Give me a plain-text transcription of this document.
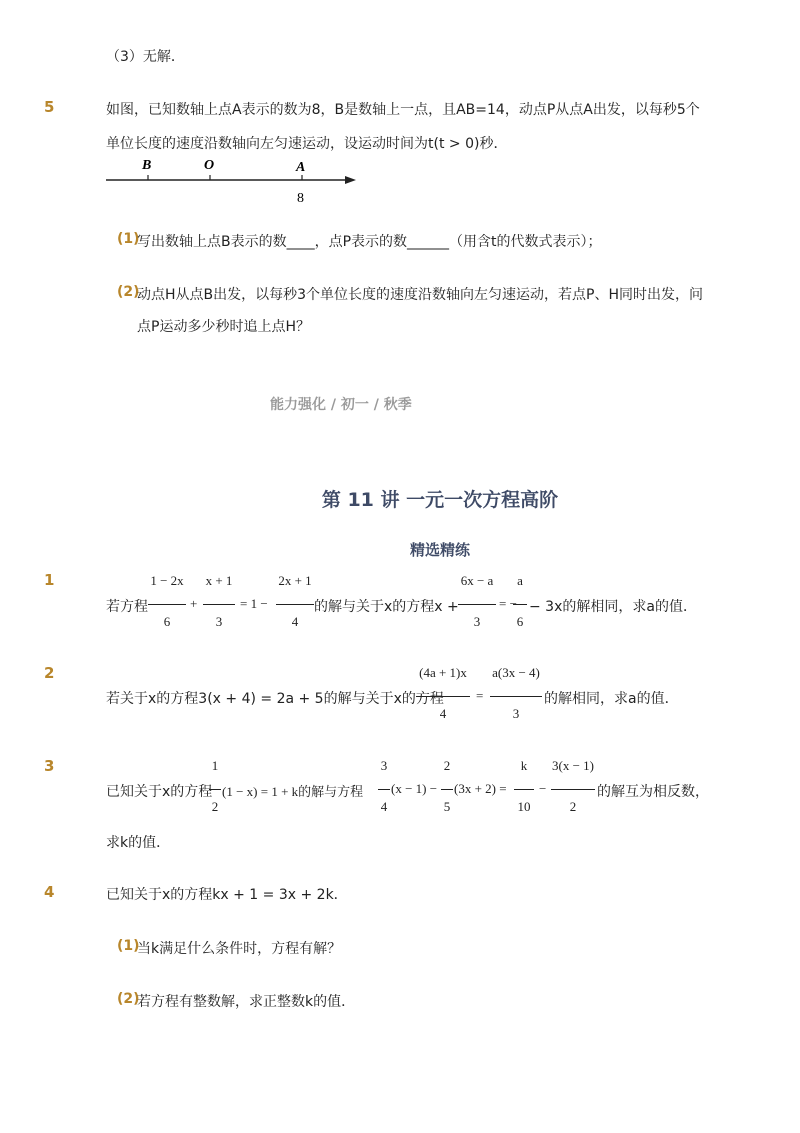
（3）无解．
5	如图，已知数轴上点A表示的数为8，B是数轴上一点，且AB=14，动点P从点A出发，以每秒5个
单位长度的速度沿数轴向左匀速运动，设运动时间为t(t > 0)秒．
B	O	A
8
(1)
写出数轴上点B表示的数____，点P表示的数______（用含t的代数式表示）；
(2)
动点H从点B出发，以每秒3个单位长度的速度沿数轴向左匀速运动，若点P、H同时出发，问
点P运动多少秒时追上点H？
能力强化 / 初一 / 秋季
第 11 讲 一元一次方程高阶
精选精练
1
若方程
1 − 2x
6
+
x + 1
3
= 1 −
2x + 1
4
的解与关于x的方程x +
6x − a
3
= −
a
6
− 3x的解相同，求a的值．
2
若关于x的方程3(x + 4) = 2a + 5的解与关于x的方程
(4a + 1)x
4
=
a(3x − 4)
3
的解相同，求a的值．
3
已知关于x的方程
1
2
(1 − x) = 1 + k的解与方程
3
4
(x − 1) −
2
5
(3x + 2) =
k
10
−
3(x − 1)
2
的解互为相反数，
求k的值．
4	已知关于x的方程kx + 1 = 3x + 2k．
(1)
当k满足什么条件时，方程有解？
(2)
若方程有整数解，求正整数k的值．
